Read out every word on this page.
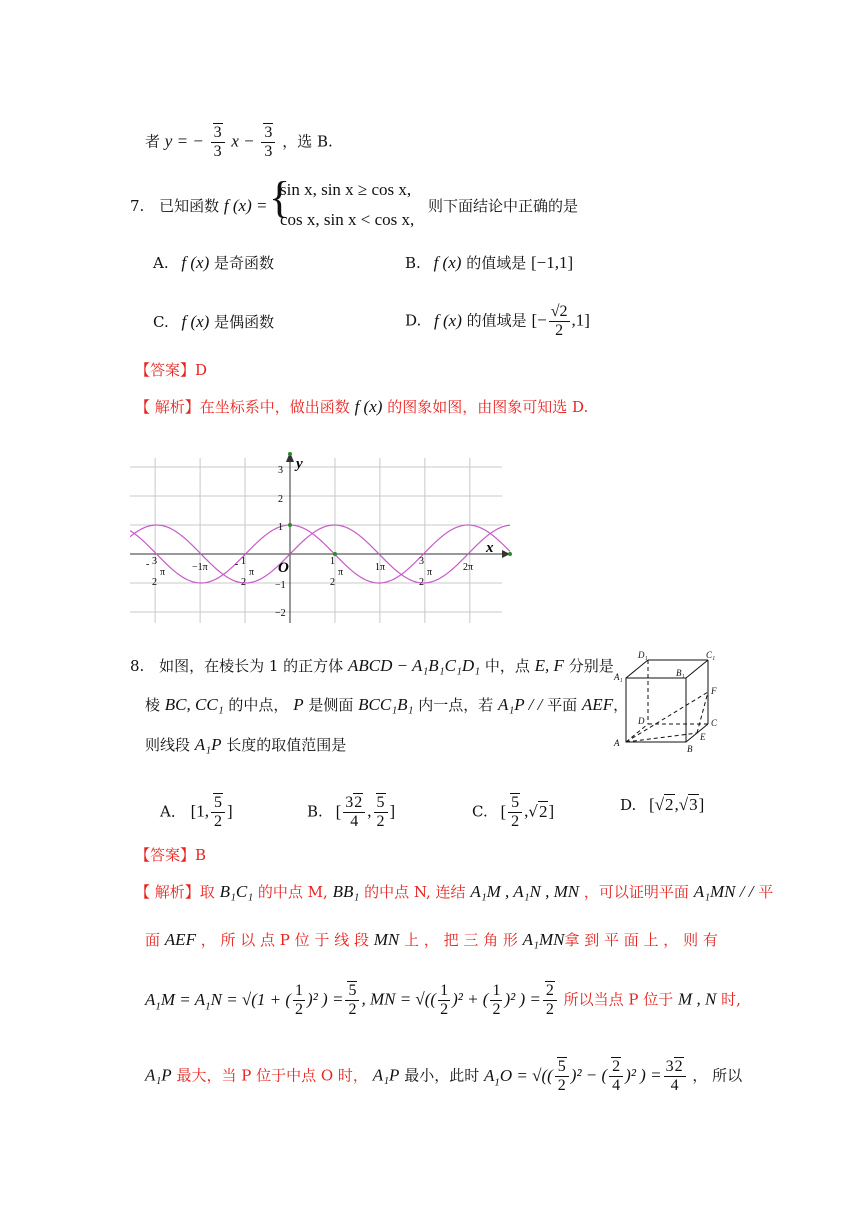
者 y = − $\frac{3}{3}$ $x - \frac{3}{3}$ ，选 B.
7. 已知函数 f (x) = {
sin x, sin x ≥ cos x,
cos x, sin x < cos x,
则下面结论中正确的是
A. f (x) 是奇函数	B. f (x) 的值域是 [−1,1]
C. f (x) 是偶函数	D. f (x) 的值域是 [− $\frac{√2}{2} ,1$]
【答案】D
【 解析】在坐标系中，做出函数 f (x) 的图象如图，由图象可知选 D.
y
x
O
3
2
1
−1
−2
−1π	1π	2π
- 3
2
π
- 1
2
π
1
2
π
3
2
π
8. 如图，在棱长为 1 的正方体 ABCD − A₁B₁C₁D₁ 中，点 E, F 分别是
棱 BC, CC₁ 的中点， P 是侧面 BCC₁B₁ 内一点，若 A₁P / / 平面 AEF，
则线段 A₁P 长度的取值范围是
D₁	C₁
A₁	B₁
F
D	C
A
E
B
A． [1, $\frac{5}{2}$ ]	B. [ $\frac{32}{4}$ , $\frac{5}{2}$ ]	C. [ $\frac{5}{2} ,√2$]	D. [√2,√3]
【答案】B
【 解析】取 B₁C₁ 的中点 M, BB₁ 的中点 N, 连结 A₁M , A₁N , MN ，可以证明平面 A₁MN / / 平
面 AEF ， 所 以 点 P 位 于 线 段 MN 上 ， 把 三 角 形 A₁MN拿 到 平 面 上 ， 则 有
$A_1M = A_1N = √(1$ + ( $\frac{1}{2} )^2$ ) = $\frac{5}{2}$ , MN = √(( $\frac{1}{2} )^2$ + ( $\frac{1}{2} )^2$ ) = $\frac{2}{2}$ 所以当点 P 位于 M , N 时,
A₁P 最大，当 P 位于中点 O 时， A₁P 最小，此时 $A_1O$ = √(( $\frac{5}{2} )^2$ − ( $\frac{2}{4} )^2$ ) = $\frac{32}{4}$ ， 所以
